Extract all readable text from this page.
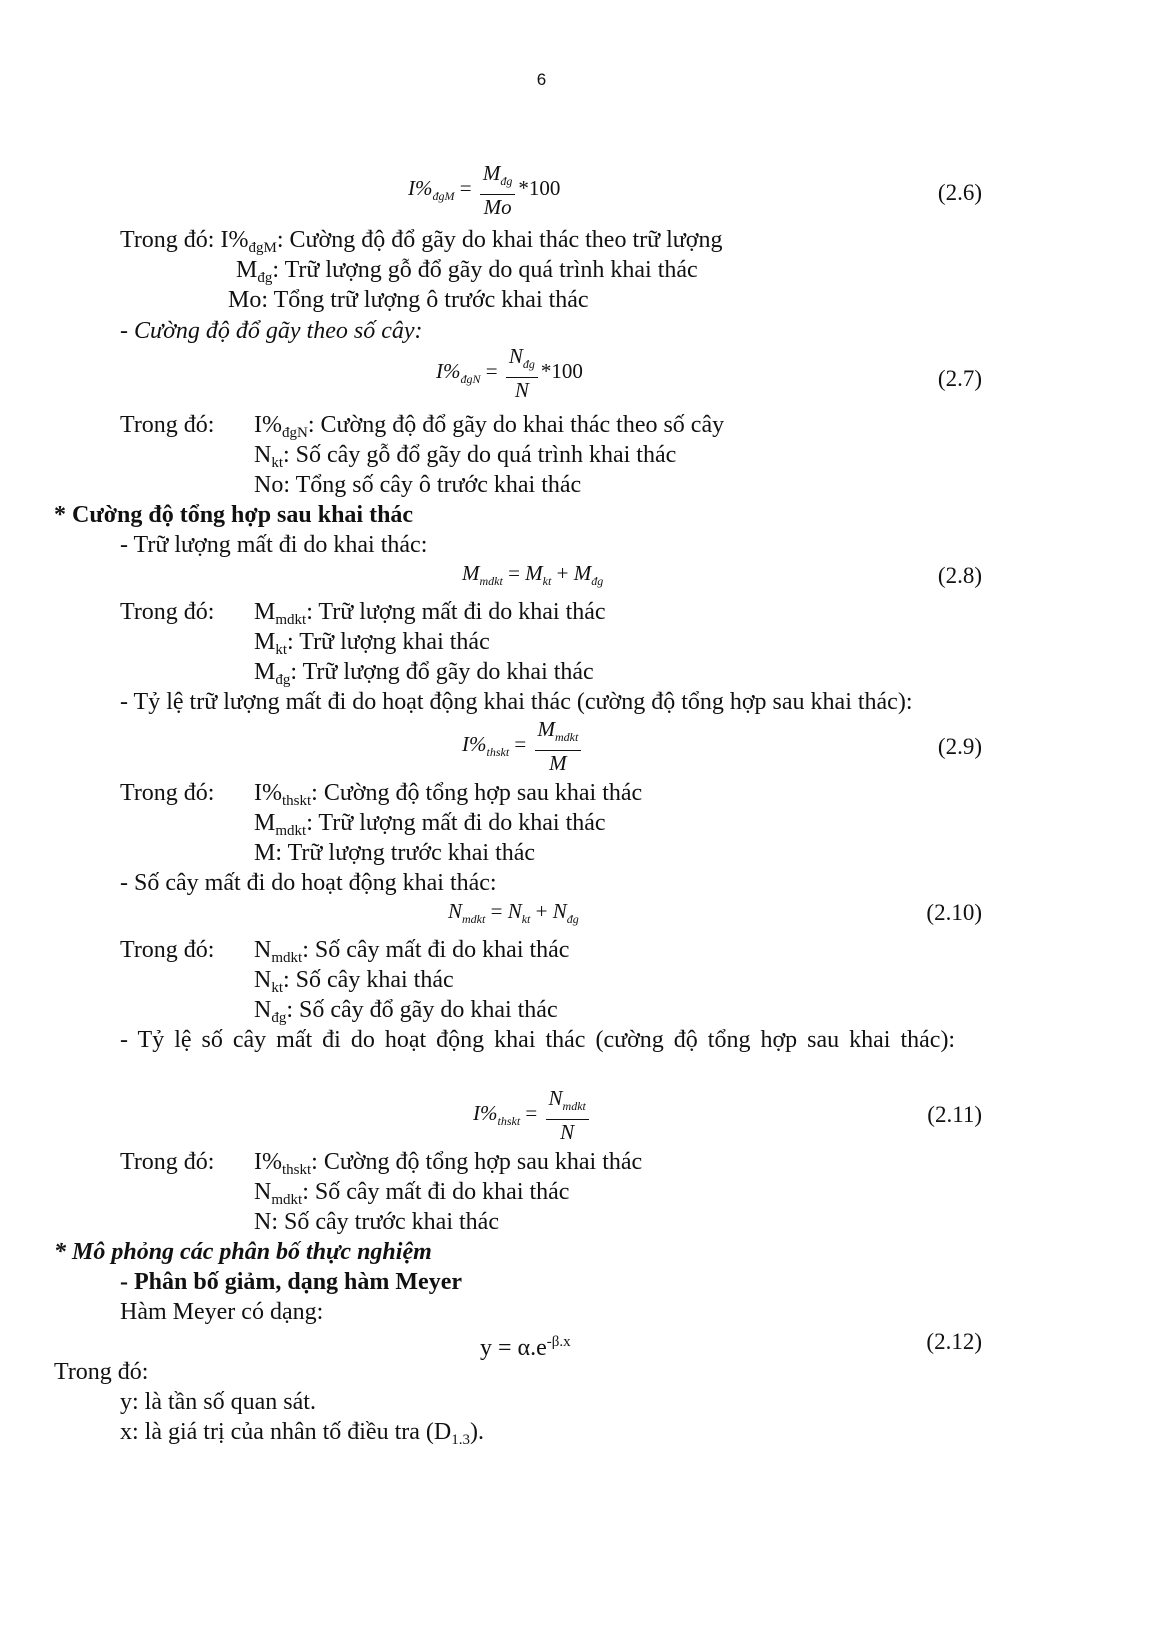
6
$I\%_{đgM} = \frac{M_{đg}}{Mo} *100$	(2.6)
Trong đó: $I\%_{đgM}$: Cường độ đổ gãy do khai thác theo trữ lượng
$M_{đg}$: Trữ lượng gỗ đổ gãy do quá trình khai thác
Mo: Tổng trữ lượng ô trước khai thác
- Cường độ đổ gãy theo số cây:
$I\%_{đgN} = \frac{N_{đg}}{N} *100$	(2.7)
Trong đó: $I\%_{đgN}$: Cường độ đổ gãy do khai thác theo số cây
$N_{kt}$: Số cây gỗ đổ gãy do quá trình khai thác
No: Tổng số cây ô trước khai thác
* Cường độ tổng hợp sau khai thác
- Trữ lượng mất đi do khai thác:
$M_{mdkt} = M_{kt} + M_{đg}$	(2.8)
Trong đó: $M_{mdkt}$: Trữ lượng mất đi do khai thác
$M_{kt}$: Trữ lượng khai thác
$M_{đg}$: Trữ lượng đổ gãy do khai thác
- Tỷ lệ trữ lượng mất đi do hoạt động khai thác (cường độ tổng hợp sau khai thác):
$I\%_{thskt} = \frac{M_{mdkt}}{M}$	(2.9)
Trong đó: $I\%_{thskt}$: Cường độ tổng hợp sau khai thác
$M_{mdkt}$: Trữ lượng mất đi do khai thác
M: Trữ lượng trước khai thác
- Số cây mất đi do hoạt động khai thác:
$N_{mdkt} = N_{kt} + N_{đg}$	(2.10)
Trong đó: $N_{mdkt}$: Số cây mất đi do khai thác
$N_{kt}$: Số cây khai thác
$N_{đg}$: Số cây đổ gãy do khai thác
- Tỷ lệ số cây mất đi do hoạt động khai thác (cường độ tổng hợp sau khai thác):
$I\%_{thskt} = \frac{N_{mdkt}}{N}$	(2.11)
Trong đó: $I\%_{thskt}$: Cường độ tổng hợp sau khai thác
$N_{mdkt}$: Số cây mất đi do khai thác
N: Số cây trước khai thác
* Mô phỏng các phân bố thực nghiệm
- Phân bố giảm, dạng hàm Meyer
Hàm Meyer có dạng:
$y = \alpha.e^{-\beta.x}$	(2.12)
Trong đó:
y: là tần số quan sát.
x: là giá trị của nhân tố điều tra $(D_{1.3})$.
